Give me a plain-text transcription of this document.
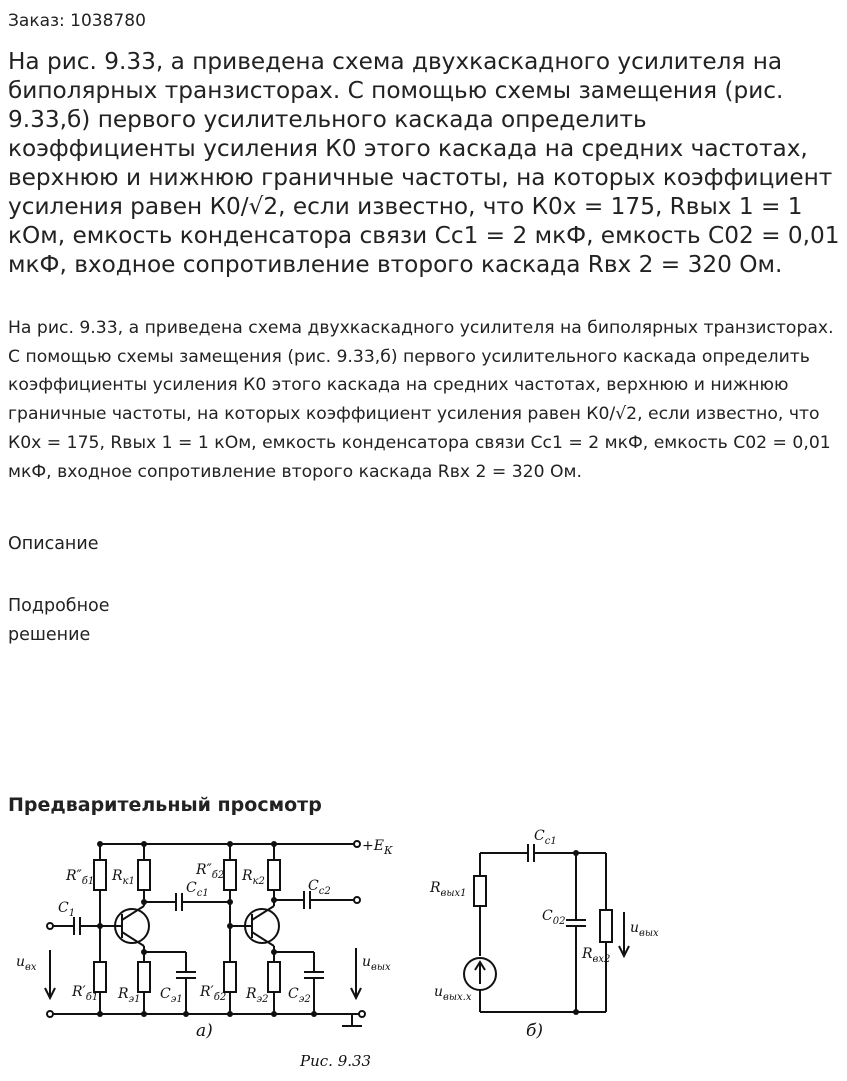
Заказ: 1038780
На рис. 9.33, а приведена схема двухкаскадного усилителя на биполярных транзисторах. С помощью схемы замещения (рис. 9.33,б) первого усилительного каскада определить коэффициенты усиления К0 этого каскада на средних частотах, верхнюю и нижнюю граничные частоты, на которых коэффициент усиления равен К0/√2, если известно, что К0х = 175, Rвых 1 = 1 кОм, емкость конденсатора связи Сс1 = 2 мкФ, емкость С02 = 0,01 мкФ, входное сопротивление второго каскада Rвх 2 = 320 Ом.

На рис. 9.33, а приведена схема двухкаскадного усилителя на биполярных транзисторах. С помощью схемы замещения (рис. 9.33,б) первого усилительного каскада определить коэффициенты усиления К0 этого каскада на средних частотах, верхнюю и нижнюю граничные частоты, на которых коэффициент усиления равен К0/√2, если известно, что К0х = 175, Rвых 1 = 1 кОм, емкость конденсатора связи Сс1 = 2 мкФ, емкость С02 = 0,01 мкФ, входное сопротивление второго каскада Rвх 2 = 320 Ом.

Описание
Подробное решение
Предварительный просмотр
$+E_К$
$R''_{б1}$ $R_{к1}$
$R''_{б2}$
$C_{c1}$
$R_{к2}$	$C_{c2}$
$C_1$
$u_{вх}$	$u_{вых}$
$R'_{б1}$ $R_{э1}$ $C_{э1}$ $R'_{б2}$ $R_{э2}$ $C_{э2}$
а)
$C_{c1}$
$R_{вых1}$
$C_{02}$	$u_{вых}$
$R_{вх2}$
$u_{вых.х}$
б)
Рис. 9.33
